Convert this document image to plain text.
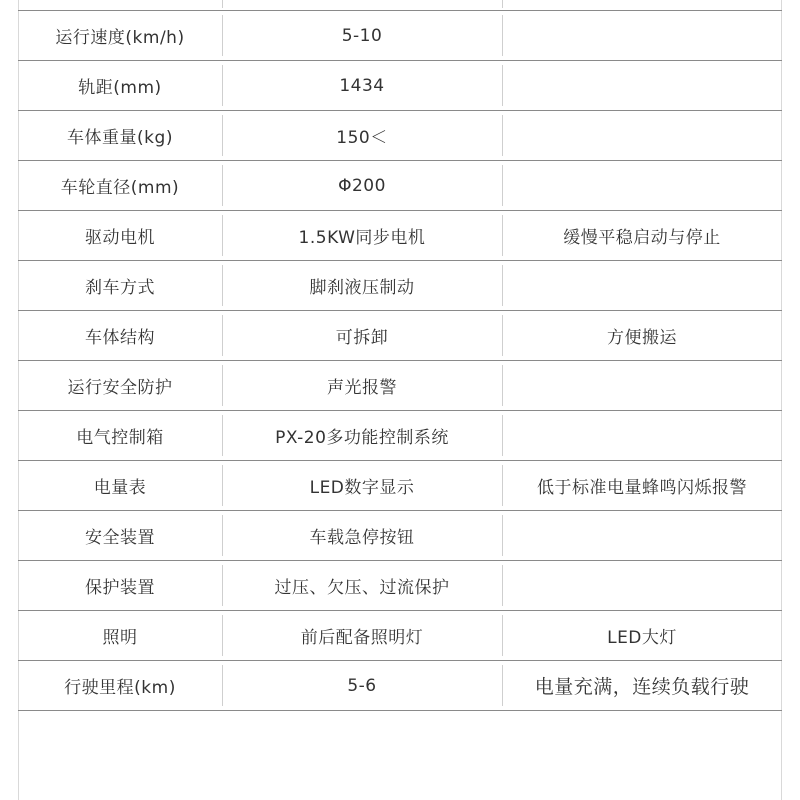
运行速度(km/h)	5-10
轨距(mm)	1434
车体重量(kg)	150＜
车轮直径(mm)	Φ200
驱动电机	1.5KW同步电机	缓慢平稳启动与停止
刹车方式	脚刹液压制动
车体结构	可拆卸	方便搬运
运行安全防护	声光报警
电气控制箱	PX-20多功能控制系统
电量表	LED数字显示	低于标准电量蜂鸣闪烁报警
安全装置	车载急停按钮
保护装置	过压、欠压、过流保护
照明	前后配备照明灯	LED大灯
行驶里程(km)	5-6	电量充满，连续负载行驶
